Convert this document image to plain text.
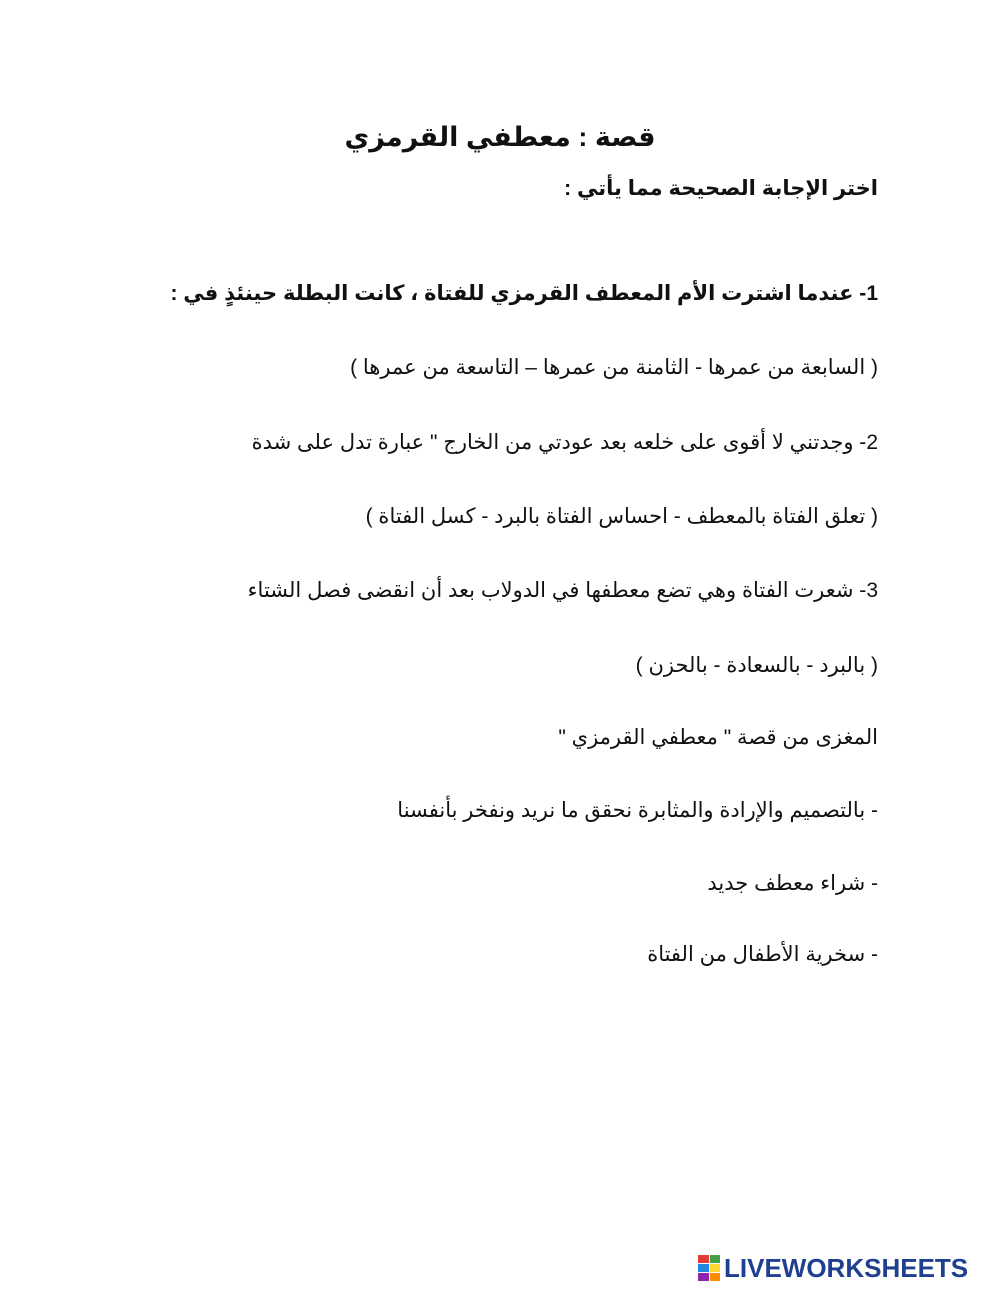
قصة : معطفي القرمزي
اختر الإجابة الصحيحة مما يأتي :
1- عندما اشترت الأم المعطف القرمزي للفتاة ، كانت البطلة حينئذٍ في :
( السابعة من عمرها - الثامنة من عمرها – التاسعة من عمرها )
2- وجدتني لا أقوى على خلعه بعد عودتي من الخارج " عبارة تدل على شدة
( تعلق الفتاة بالمعطف - احساس الفتاة بالبرد - كسل الفتاة )
3- شعرت الفتاة وهي تضع معطفها في الدولاب بعد أن انقضى فصل الشتاء
( بالبرد - بالسعادة - بالحزن )
المغزى من قصة " معطفي القرمزي "
- بالتصميم والإرادة والمثابرة نحقق ما نريد ونفخر بأنفسنا
- شراء معطف جديد
- سخرية الأطفال من الفتاة
LIVEWORKSHEETS
